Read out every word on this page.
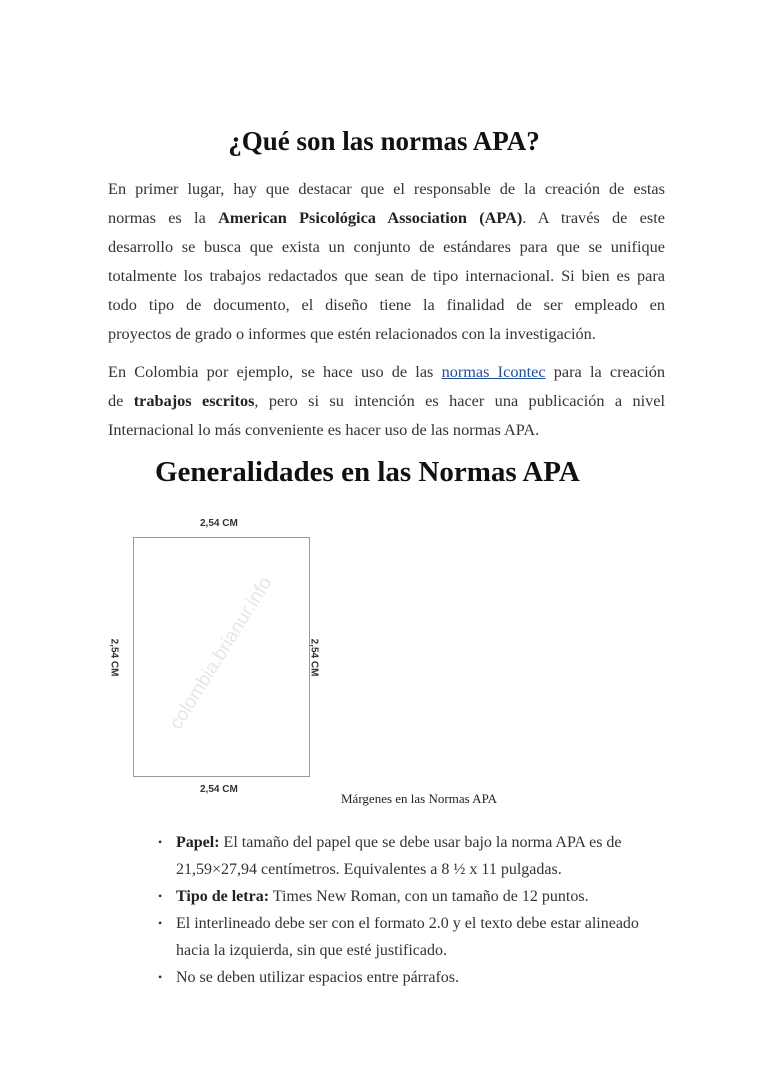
¿Qué son las normas APA?
En primer lugar, hay que destacar que el responsable de la creación de estas
normas es la American Psicológica Association (APA). A través de este
desarrollo se busca que exista un conjunto de estándares para que se unifique
totalmente los trabajos redactados que sean de tipo internacional. Si bien es para
todo tipo de documento, el diseño tiene la finalidad de ser empleado en
proyectos de grado o informes que estén relacionados con la investigación.
En Colombia por ejemplo, se hace uso de las normas Icontec para la creación
de trabajos escritos, pero si su intención es hacer una publicación a nivel
Internacional lo más conveniente es hacer uso de las normas APA.
Generalidades en las Normas APA
colombia.brianur.info
2,54 CM
2,54 CM
2,54 CM	2,54 CM
Márgenes en las Normas APA
• Papel: El tamaño del papel que se debe usar bajo la norma APA es de 21,59×27,94 centímetros. Equivalentes a 8 ½ x 11 pulgadas.
• Tipo de letra: Times New Roman, con un tamaño de 12 puntos.
• El interlineado debe ser con el formato 2.0 y el texto debe estar alineado hacia la izquierda, sin que esté justificado.
• No se deben utilizar espacios entre párrafos.
